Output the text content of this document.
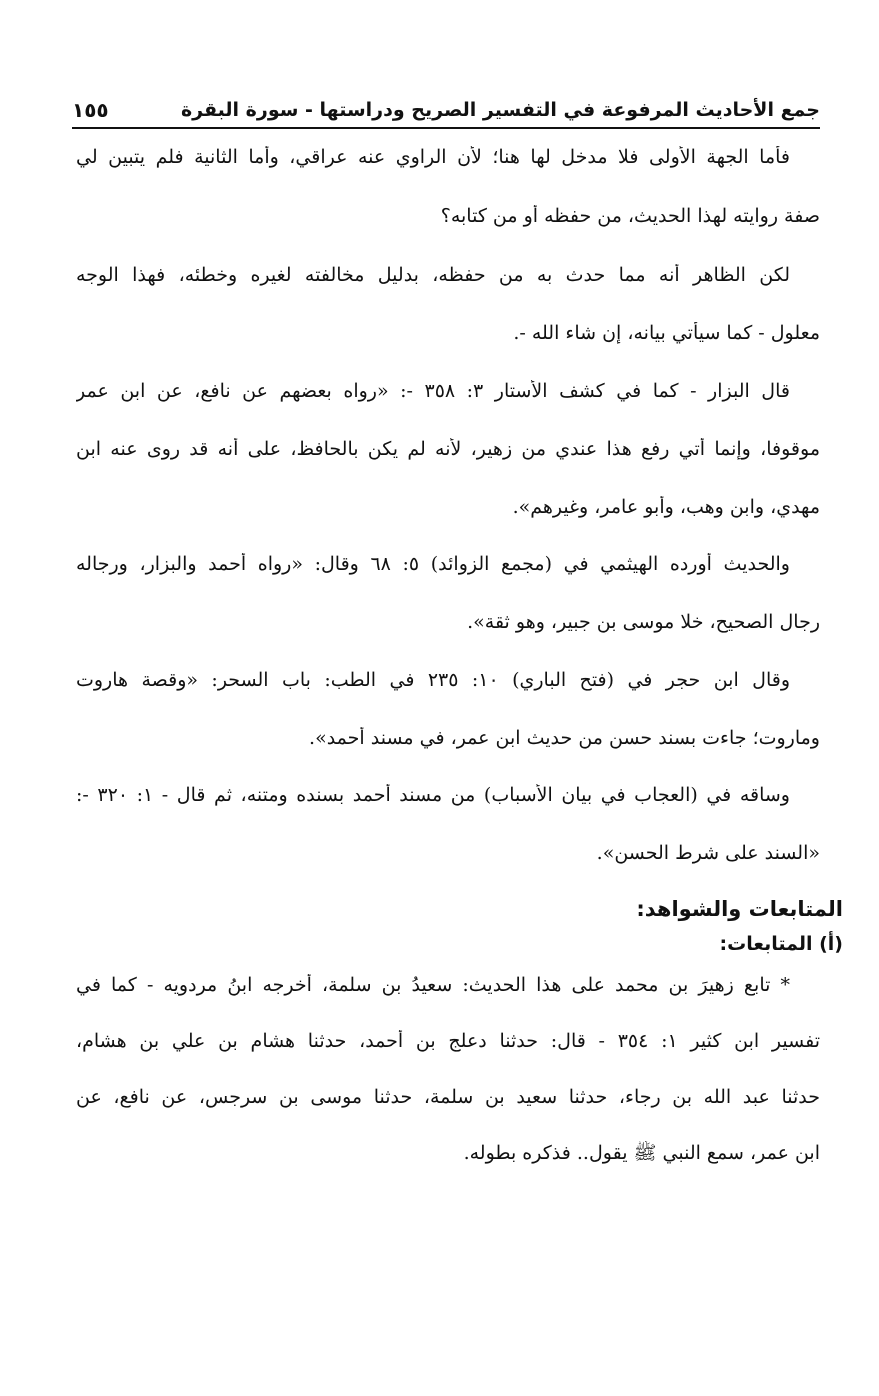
جمع الأحاديث المرفوعة في التفسير الصريح ودراستها - سورة البقرة
١٥٥
فأما الجهة الأولى فلا مدخل لها هنا؛ لأن الراوي عنه عراقي، وأما الثانية فلم يتبين لي
صفة روايته لهذا الحديث، من حفظه أو من كتابه؟
لكن الظاهر أنه مما حدث به من حفظه، بدليل مخالفته لغيره وخطئه، فهذا الوجه
معلول - كما سيأتي بيانه، إن شاء الله -.
قال البزار - كما في كشف الأستار ٣: ٣٥٨ -: «رواه بعضهم عن نافع، عن ابن عمر
موقوفا، وإنما أتي رفع هذا عندي من زهير، لأنه لم يكن بالحافظ، على أنه قد روى عنه ابن
مهدي، وابن وهب، وأبو عامر، وغيرهم».
والحديث أورده الهيثمي في (مجمع الزوائد) ٥: ٦٨ وقال: «رواه أحمد والبزار، ورجاله
رجال الصحيح، خلا موسى بن جبير، وهو ثقة».
وقال ابن حجر في (فتح الباري) ١٠: ٢٣٥ في الطب: باب السحر: «وقصة هاروت
وماروت؛ جاءت بسند حسن من حديث ابن عمر، في مسند أحمد».
وساقه في (العجاب في بيان الأسباب) من مسند أحمد بسنده ومتنه، ثم قال - ١: ٣٢٠ -:
«السند على شرط الحسن».
المتابعات والشواهد:
(أ) المتابعات:
* تابع زهيرَ بن محمد على هذا الحديث: سعيدُ بن سلمة، أخرجه ابنُ مردويه - كما في
تفسير ابن كثير ١: ٣٥٤ - قال: حدثنا دعلج بن أحمد، حدثنا هشام بن علي بن هشام،
حدثنا عبد الله بن رجاء، حدثنا سعيد بن سلمة، حدثنا موسى بن سرجس، عن نافع، عن
ابن عمر، سمع النبي ﷺ يقول.. فذكره بطوله.
